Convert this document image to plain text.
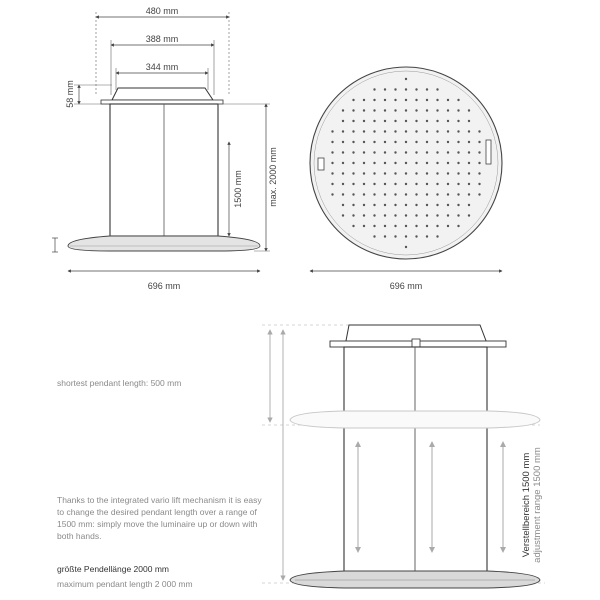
480 mm
388 mm
344 mm
58 mm
1500 mm	max. 2000 mm
696 mm	696 mm
Verstellbereich 1500 mm adjustment range 1500 mm

shortest pendant length: 500 mm

Thanks to the integrated vario lift mechanism it is easy to change the desired pendant length over a range of 1500 mm: simply move the luminaire up or down with both hands.

größte Pendellänge 2000 mm

maximum pendant length 2 000 mm
